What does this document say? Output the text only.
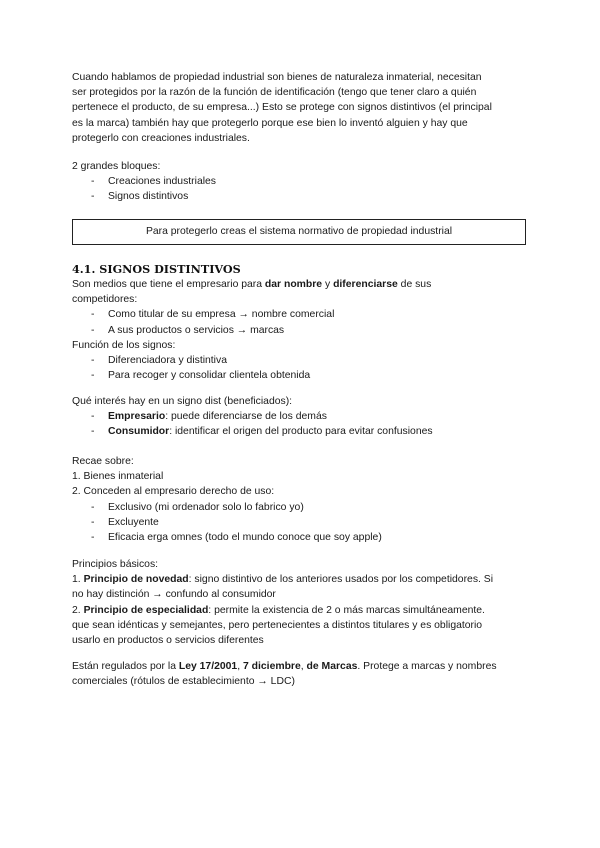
Cuando hablamos de propiedad industrial son bienes de naturaleza inmaterial, necesitan

ser protegidos por la razón de la función de identificación (tengo que tener claro a quién

pertenece el producto, de su empresa...) Esto se protege con signos distintivos (el principal

es la marca) también hay que protegerlo porque ese bien lo inventó alguien y hay que

protegerlo con creaciones industriales.

2 grandes bloques:

- Creaciones industriales

- Signos distintivos

Para protegerlo creas el sistema normativo de propiedad industrial
4.1. SIGNOS DISTINTIVOS

Son medios que tiene el empresario para dar nombre y diferenciarse de sus

competidores:

- Como titular de su empresa → nombre comercial

- A sus productos o servicios → marcas

Función de los signos:

- Diferenciadora y distintiva

- Para recoger y consolidar clientela obtenida

Qué interés hay en un signo dist (beneficiados):

- Empresario: puede diferenciarse de los demás

- Consumidor: identificar el origen del producto para evitar confusiones

Recae sobre:

1. Bienes inmaterial

2. Conceden al empresario derecho de uso:

- Exclusivo (mi ordenador solo lo fabrico yo)

- Excluyente

- Eficacia erga omnes (todo el mundo conoce que soy apple)

Principios básicos:

1. Principio de novedad: signo distintivo de los anteriores usados por los competidores. Si

no hay distinción → confundo al consumidor

2. Principio de especialidad: permite la existencia de 2 o más marcas simultáneamente.

que sean idénticas y semejantes, pero pertenecientes a distintos titulares y es obligatorio

usarlo en productos o servicios diferentes

Están regulados por la Ley 17/2001, 7 diciembre, de Marcas. Protege a marcas y nombres

comerciales (rótulos de establecimiento → LDC)
